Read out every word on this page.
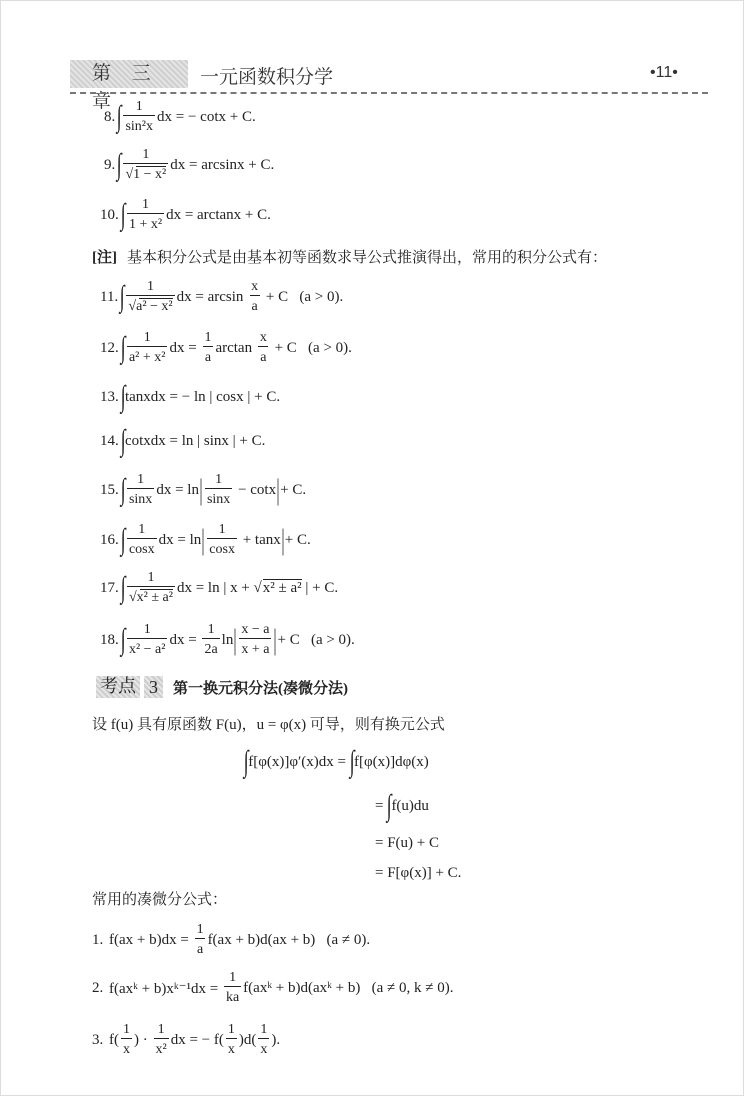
第 三 章
一元函数积分学	•11•
8. ∫ $\frac{1}{\text{sin²x}}$ dx = − cotx + C.
9. ∫ $\frac{1}{\text{√1 − x²}}$ dx = arcsinx + C.
10. ∫ $\frac{1}{\text{1 + x²}}$ dx = arctanx + C.
[注] 基本积分公式是由基本初等函数求导公式推演得出，常用的积分公式有：
11. ∫ $\frac{1}{\text{√a² − x²}}$ dx = $\arcsin \frac{x}{a} + C$   (a > 0).
12. ∫ $\frac{1}{\text{a² + x²}}$ dx = $\frac{1}{a}$ $\arctan \frac{x}{a} + C$   (a > 0).
13. ∫ tanxdx = − ln | cosx | + C.
14. ∫ cotxdx = ln | sinx | + C.
15. ∫ $\frac{1}{\sin x}$ dx = ln | $\frac{1}{\sin x} - \cot x$ | + C.
16. ∫ $\frac{1}{\cos x}$ dx = ln | $\frac{1}{\cos x} + \tan x$ | + C.
17. ∫ $\frac{1}{\text{√x² ± a²}}$ dx = ln | x + √ x² ± a² | + C.
18. ∫ $\frac{1}{\text{x² − a²}}$ dx = $\frac{1}{2a}$ ln | $\frac{x - a}{x + a}$ | + C   (a > 0).
考点 3	第一换元积分法(凑微分法)
设 f(u) 具有原函数 F(u)，u = φ(x) 可导，则有换元公式
∫ f[φ(x)]φ′(x)dx = ∫ f[φ(x)]dφ(x)
= ∫ f(u)du
= F(u) + C
= F[φ(x)] + C.
常用的凑微分公式：
1. $f(ax + b)dx = \frac{1}{a} f(ax + b)d(ax + b) (a \ne 0)$.
2. f(axᵏ + b)xᵏ⁻¹dx = $\frac{1}{ka}$ f(axᵏ + b)d(axᵏ + b)   (a ≠ 0, k ≠ 0).
3. $f( \frac{1}{x}$ ) · $\frac{1}{\text{x²}}$ dx = − $f( \frac{1}{x} )d( \frac{1}{x}$ ).
